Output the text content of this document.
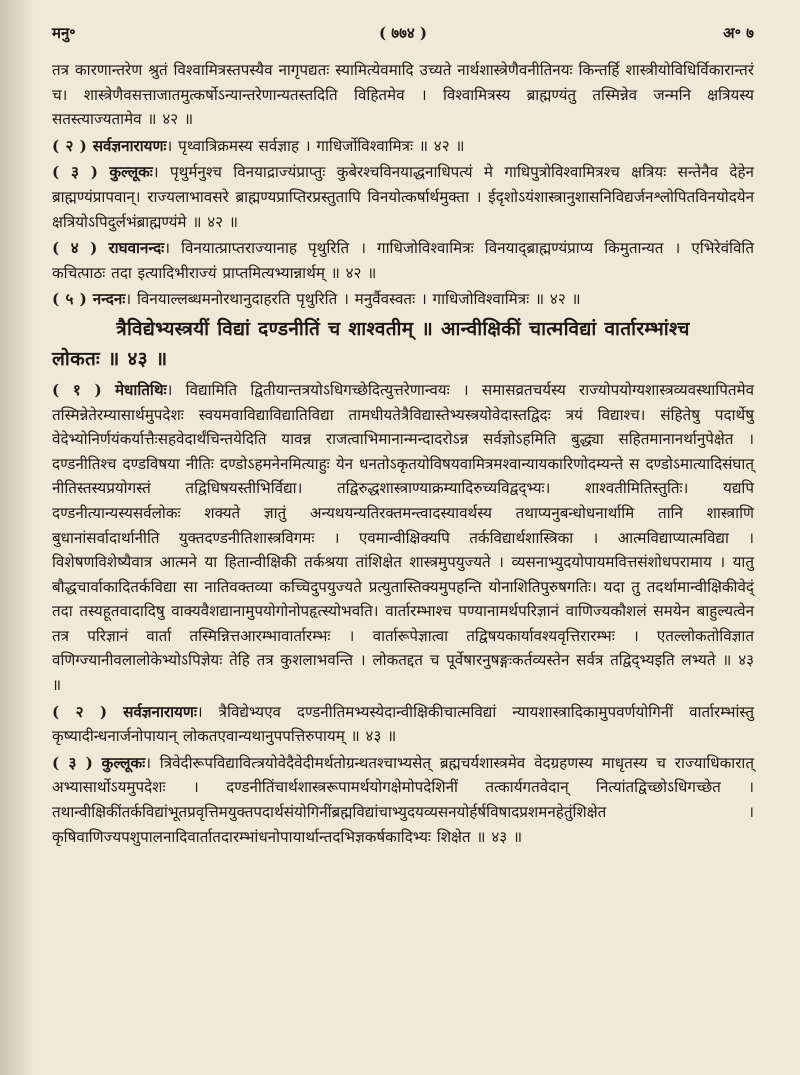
मनु॰	( ७७४ )	अ॰ ७

तत्र कारणान्तरेण श्रुतं विश्वामित्रस्तपस्यैव नागृपद्यतः स्यामित्येवमादि उच्यते नार्थशास्त्रेणैवनीतिनयः किन्तर्हि शास्त्रीयोविधिर्विकारान्तरं च। शास्त्रेणैवसत्ताजातमुत्कर्षोऽन्यान्तरेणान्यतस्तदिति विहितमेव । विश्वामित्रस्य ब्राह्मण्यंतु तस्मिन्नेव जन्मनि क्षत्रियस्य सतस्त्याज्यतामेव ॥ ४२ ॥

( २ ) सर्वज्ञनारायणः। पृथ्वात्रिक्रमस्य सर्वज्ञाह । गाधिर्जोविश्वामित्रः ॥ ४२ ॥

( ३ ) कुल्लूकः। पृथुर्मनुश्च विनयाद्राज्यंप्राप्तुः कुबेरश्चविनयाद्धनाधिपत्यं मे गाधिपुत्रोविश्वामित्रश्च क्षत्रियः सन्तेनैव देहेन ब्राह्मण्यंप्रापवान्। राज्यलाभावसरे ब्राह्मण्यप्राप्तिरप्रस्तुतापि विनयोत्कर्षार्थमुक्ता । ईदृशोऽयंशास्त्रानुशासनिविद्यर्जनश्लोपितविनयोदयेन क्षत्रियोऽपिदुर्लभंब्राह्मण्यंमे ॥ ४२ ॥

( ४ ) राघवानन्दः। विनयात्प्राप्तराज्यानाह पृथुरिति । गाधिजोविश्वामित्रः विनयाद्ब्राह्मण्यंप्राप्य किमुतान्यत । एभिरेवंविति कचित्पाठः तदा इत्यादिभीराज्यं प्राप्तमित्यभ्यान्नार्थम् ॥ ४२ ॥

( ५ ) नन्दनः। विनयाल्लब्धमनोरथानुदाहरति पृथुरिति । मनुर्वैवस्वतः । गाधिजोविश्वामित्रः ॥ ४२ ॥

त्रैविद्येभ्यस्त्रयीं विद्यां दण्डनीतिं च शाश्वतीम् ॥ आन्वीक्षिकीं चात्मविद्यां वार्तारम्भांश्च
लोकतः ॥ ४३ ॥

( १ ) मेधातिथिः। विद्यामिति द्वितीयान्तत्रयोऽधिगच्छेदित्युत्तरेणान्वयः । समासव्रतचर्यस्य राज्योपयोग्यशास्त्रव्यवस्थापितमेव तस्मिन्नेतेरम्यासार्थमुपदेशः स्वयमवाविद्याविद्यातिविद्या तामधीयतेत्रैविद्यास्तेभ्यस्त्रयोवेदास्तद्विदः त्रयं विद्याश्च। संहितेषु पदार्थेषु वेदेभ्योनिर्णयंकर्यात्तैःसहवेदार्थंचिन्तयेदिति यावन्न राजत्वाभिमानान्मन्दादरोऽन्न सर्वज्ञोऽहमिति बुद्ध्या सहितमानानर्थानुपेक्षेत । दण्डनीतिश्च दण्डविषया नीतिः दण्डोऽहमनेनमित्याहुः येन धनतोऽकृतयोविषयवामित्रमश्वान्यायकारिणोदम्यन्ते स दण्डोऽमात्यादिसंघात् नीतिस्तस्यप्रयोगस्तं तद्विधिषयस्तीभिर्विद्या। तद्विरुद्धशास्त्राण्याक्रम्यादिरुच्यविद्वद्भ्यः। शाश्वतीमितिस्तुतिः। यद्यपि दण्डनीत्यान्यस्यसर्वलोकः शक्यते ज्ञातुं अन्यथयन्यतिरक्तमन्त्वादस्यावर्थस्य तथाप्यनुबन्धोधनार्थामि तानि शास्त्राणि बुधानांसर्वादार्थानीति युक्तदण्डनीतिशास्त्रविगमः । एवमान्वीक्षिक्यपि तर्कविद्यार्थशास्त्रिका । आत्मविद्याप्यात्मविद्या । विशेषणविशेष्यैवात्र आत्मने या हितान्वीक्षिकी तर्कश्रया तांशिक्षेत शास्त्रमुपयुज्यते । व्यसनाभ्युदयोपायमवित्तसंशोधपरामाय । यातु बौद्धचार्वाकादितर्कविद्या सा नातिवक्तव्या कच्चिदुपयुज्यते प्रत्युतास्तिक्यमुपहन्ति योनाशितिपुरुषगतिः। यदा तु तदर्थामान्वीक्षिकीवेद्ं तदा तस्यहूतवादादिषु वाक्यवैशद्यानामुपयोगोनोपहृत्स्योभवति। वार्तारम्भाश्च पण्यानामर्थपरिज्ञानं वाणिज्यकौशलं समयेन बाहुल्यत्वेन तत्र परिज्ञानं वार्ता तस्मिन्नित्तआरम्भावार्तारम्भः । वार्तारूपेज्ञात्वा तद्विषयकार्यावश्यवृत्तिरारम्भः । एतल्लोकतोविज्ञात वणिग्ज्यानीवलालोकेभ्योऽपिज्ञेयः तेहि तत्र कुशलाभवन्ति । लोकतद्दत च पूर्वेषारनुषङ्गःकर्तव्यस्तेन सर्वत्र तद्विद्भ्यइति लभ्यते ॥ ४३ ॥

( २ ) सर्वज्ञनारायणः। त्रैविद्येभ्यएव दण्डनीतिमभ्यस्येदान्वीक्षिकीचात्मविद्यां न्यायशास्त्रादिकामुपवर्णयोगिनीं वार्तारम्भांस्तु कृष्यादीन्धनार्जनोपायान् लोकतएवान्यथानुपपत्तिरुपायम् ॥ ४३ ॥

( ३ ) कुल्लूकः। त्रिवेदीरूपविद्यावित्त्रयोवेदैवेदीमर्थतोग्रन्थतश्चाभ्यसेत् ब्रह्मचर्यशास्त्रमेव वेदग्रहणस्य माधृतस्य च राज्याधिकारात् अभ्यासार्थोऽयमुपदेशः । दण्डनीतिंचार्थशास्त्ररूपामर्थयोगक्षेमोपदेशिनीं तत्कार्यगतवेदान् नित्यांतद्विच्छोऽधिगच्छेत । तथान्वीक्षिकींतर्कविद्यांभूतप्रवृत्तिमयुक्तपदार्थसंयोगिनींब्रह्मविद्यांचाभ्युदयव्यसनयोर्हर्षविषादप्रशमनहेतुंशिक्षेत । कृषिवाणिज्यपशुपालनादिवार्तातदारम्भांधनोपायार्थान्तदभिज्ञकर्षकादिभ्यः शिक्षेत ॥ ४३ ॥
